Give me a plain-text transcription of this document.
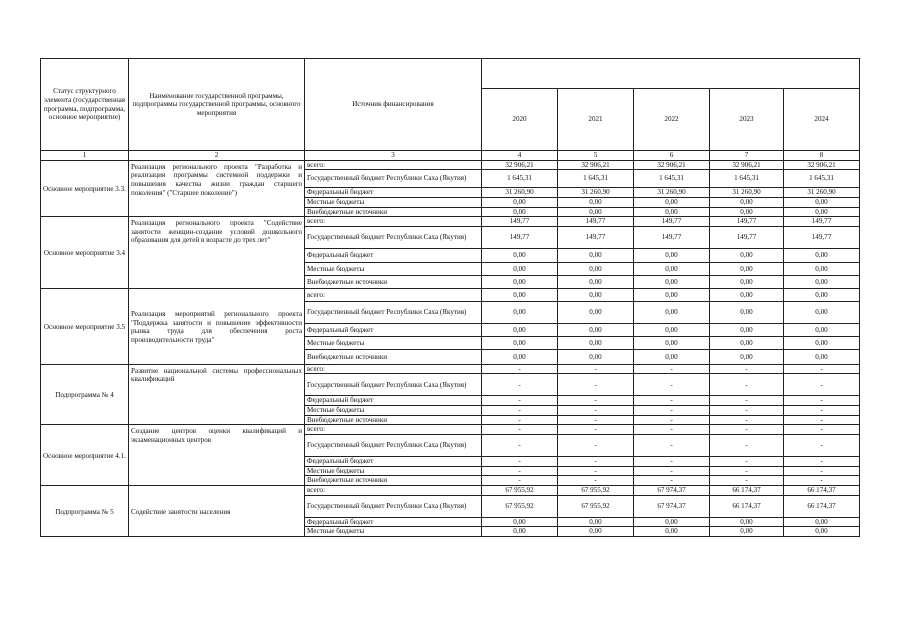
Статус структурного элемента (государственная программа, подпрограмма, основное мероприятие)	Наименование государственной программы, подпрограммы государственной программы, основного мероприятия	Источник финансирования					
			2020	2021	2022	2023	2024
1	2	3	4	5	6	7	8
Основное мероприятие 3.3.	Реализация регионального проекта "Разработка и реализация программы системной поддержки и повышения качества жизни граждан старшего поколения" ("Старшее поколение")	всего:	32 906,21	32 906,21	32 906,21	32 906,21	32 906,21
		Государственный бюджет Республики Саха (Якутия)	1 645,31	1 645,31	1 645,31	1 645,31	1 645,31
		Федеральный бюджет	31 260,90	31 260,90	31 260,90	31 260,90	31 260,90
		Местные бюджеты	0,00	0,00	0,00	0,00	0,00
		Внебюджетные источники	0,00	0,00	0,00	0,00	0,00
Основное мероприятие 3.4	Реализация регионального проекта "Содействие занятости женщин-создание условий дошкольного образования для детей в возрасте до трех лет"	всего:	149,77	149,77	149,77	149,77	149,77
		Государственный бюджет Республики Саха (Якутия)	149,77	149,77	149,77	149,77	149,77
		Федеральный бюджет	0,00	0,00	0,00	0,00	0,00
		Местные бюджеты	0,00	0,00	0,00	0,00	0,00
		Внебюджетные источники	0,00	0,00	0,00	0,00	0,00
Основное мероприятие 3.5	Реализация мероприятий регионального проекта "Поддержка занятости и повышение эффективности рынка труда для обеспечения роста производительности труда"	всего:	0,00	0,00	0,00	0,00	0,00
		Государственный бюджет Республики Саха (Якутия)	0,00	0,00	0,00	0,00	0,00
		Федеральный бюджет	0,00	0,00	0,00	0,00	0,00
		Местные бюджеты	0,00	0,00	0,00	0,00	0,00
		Внебюджетные источники	0,00	0,00	0,00	0,00	0,00
Подпрограмма № 4	Развитие национальной системы профессиональных квалификаций	всего:	-	-	-	-	-
		Государственный бюджет Республики Саха (Якутия)	-	-	-	-	-
		Федеральный бюджет	-	-	-	-	-
		Местные бюджеты	-	-	-	-	-
		Внебюджетные источники	-	-	-	-	-
Основное мероприятие 4.1.	Создание центров оценки квалификаций и экзаменационных центров	всего:	-	-	-	-	-
		Государственный бюджет Республики Саха (Якутия)	-	-	-	-	-
		Федеральный бюджет	-	-	-	-	-
		Местные бюджеты	-	-	-	-	-
		Внебюджетные источники	-	-	-	-	-
Подпрограмма № 5	Содействие занятости населения	всего:	67 955,92	67 955,92	67 974,37	66 174,37	66 174,37
		Государственный бюджет Республики Саха (Якутия)	67 955,92	67 955,92	67 974,37	66 174,37	66 174,37
		Федеральный бюджет	0,00	0,00	0,00	0,00	0,00
		Местные бюджеты	0,00	0,00	0,00	0,00	0,00
